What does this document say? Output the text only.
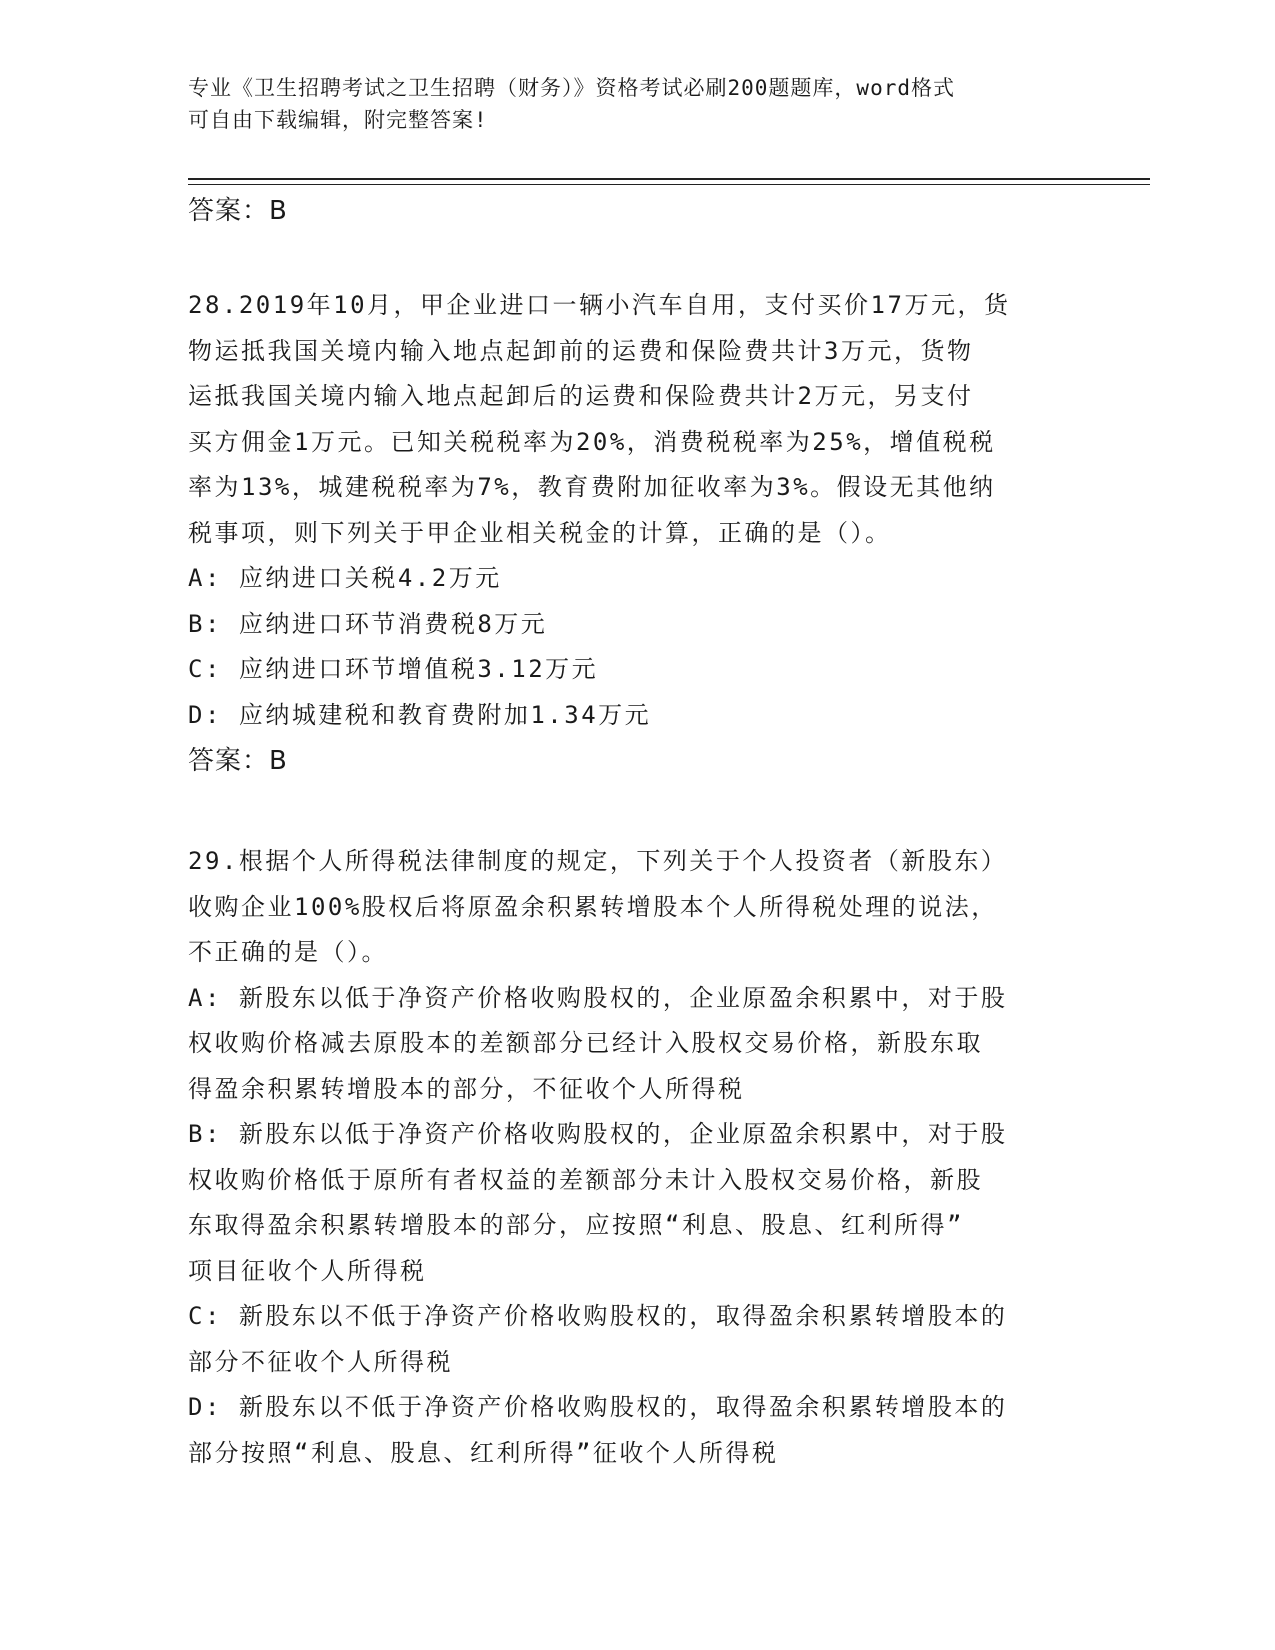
专业《卫生招聘考试之卫生招聘（财务）》资格考试必刷200题题库，word格式
可自由下载编辑，附完整答案!

答案：B

28.2019年10月，甲企业进口一辆小汽车自用，支付买价17万元，货

物运抵我国关境内输入地点起卸前的运费和保险费共计3万元，货物

运抵我国关境内输入地点起卸后的运费和保险费共计2万元，另支付

买方佣金1万元。已知关税税率为20%，消费税税率为25%，增值税税

率为13%，城建税税率为7%，教育费附加征收率为3%。假设无其他纳

税事项，则下列关于甲企业相关税金的计算，正确的是（）。

A: 应纳进口关税4.2万元

B: 应纳进口环节消费税8万元

C: 应纳进口环节增值税3.12万元

D: 应纳城建税和教育费附加1.34万元

答案：B

29.根据个人所得税法律制度的规定，下列关于个人投资者（新股东）

收购企业100%股权后将原盈余积累转增股本个人所得税处理的说法，

不正确的是（）。

A: 新股东以低于净资产价格收购股权的，企业原盈余积累中，对于股

权收购价格减去原股本的差额部分已经计入股权交易价格，新股东取

得盈余积累转增股本的部分，不征收个人所得税

B: 新股东以低于净资产价格收购股权的，企业原盈余积累中，对于股

权收购价格低于原所有者权益的差额部分未计入股权交易价格，新股

东取得盈余积累转增股本的部分，应按照“利息、股息、红利所得”

项目征收个人所得税

C: 新股东以不低于净资产价格收购股权的，取得盈余积累转增股本的

部分不征收个人所得税

D: 新股东以不低于净资产价格收购股权的，取得盈余积累转增股本的

部分按照“利息、股息、红利所得”征收个人所得税
